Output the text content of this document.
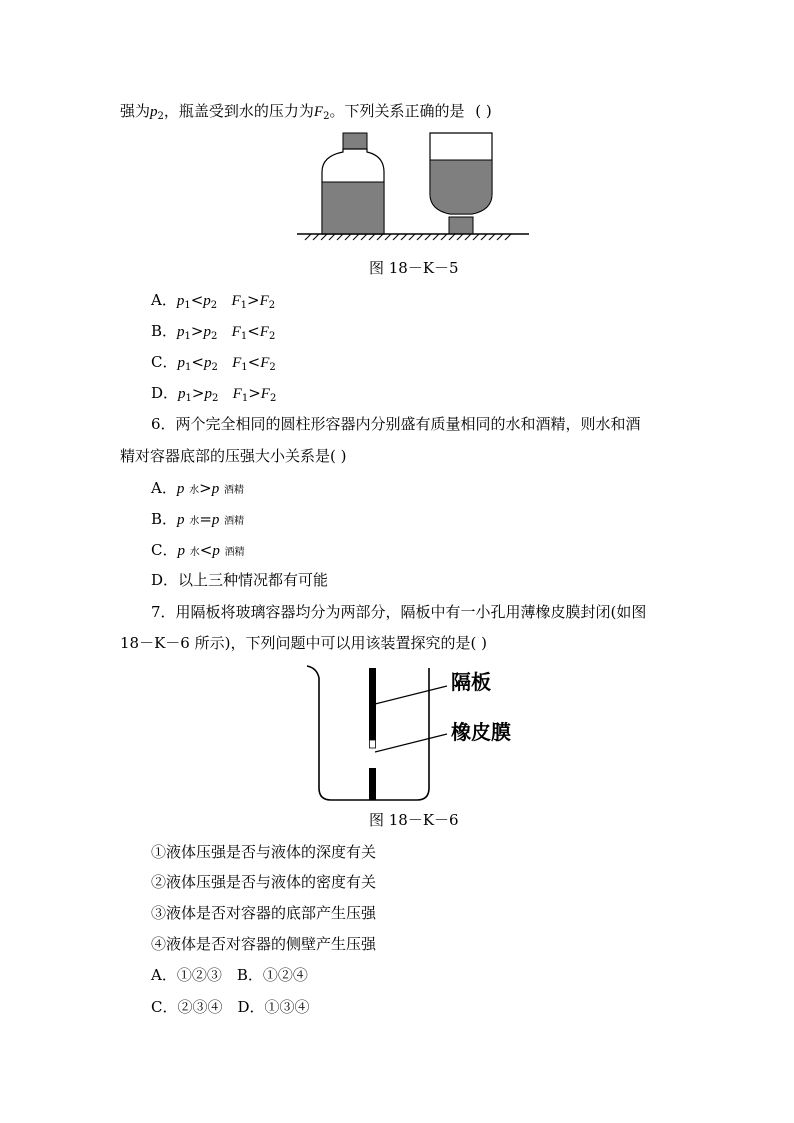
强为$p_2$，瓶盖受到水的压力为$F_2$。下列关系正确的是 ( )
图 18－K－5
A．$p_1<p_2$ $F_1>F_2$
B．$p_1>p_2$ $F_1<F_2$
C．$p_1<p_2$ $F_1<F_2$
D．$p_1>p_2$ $F_1>F_2$
6．两个完全相同的圆柱形容器内分别盛有质量相同的水和酒精，则水和酒
精对容器底部的压强大小关系是( )
A．p 水>p 酒精
B．p 水=p 酒精
C．p 水<p 酒精
D．以上三种情况都有可能
7．用隔板将玻璃容器均分为两部分，隔板中有一小孔用薄橡皮膜封闭(如图
18－K－6 所示)，下列问题中可以用该装置探究的是( )
隔板
橡皮膜
图 18－K－6
①液体压强是否与液体的深度有关
②液体压强是否与液体的密度有关
③液体是否对容器的底部产生压强
④液体是否对容器的侧壁产生压强
A．①②③　B．①②④
C．②③④　D．①③④
